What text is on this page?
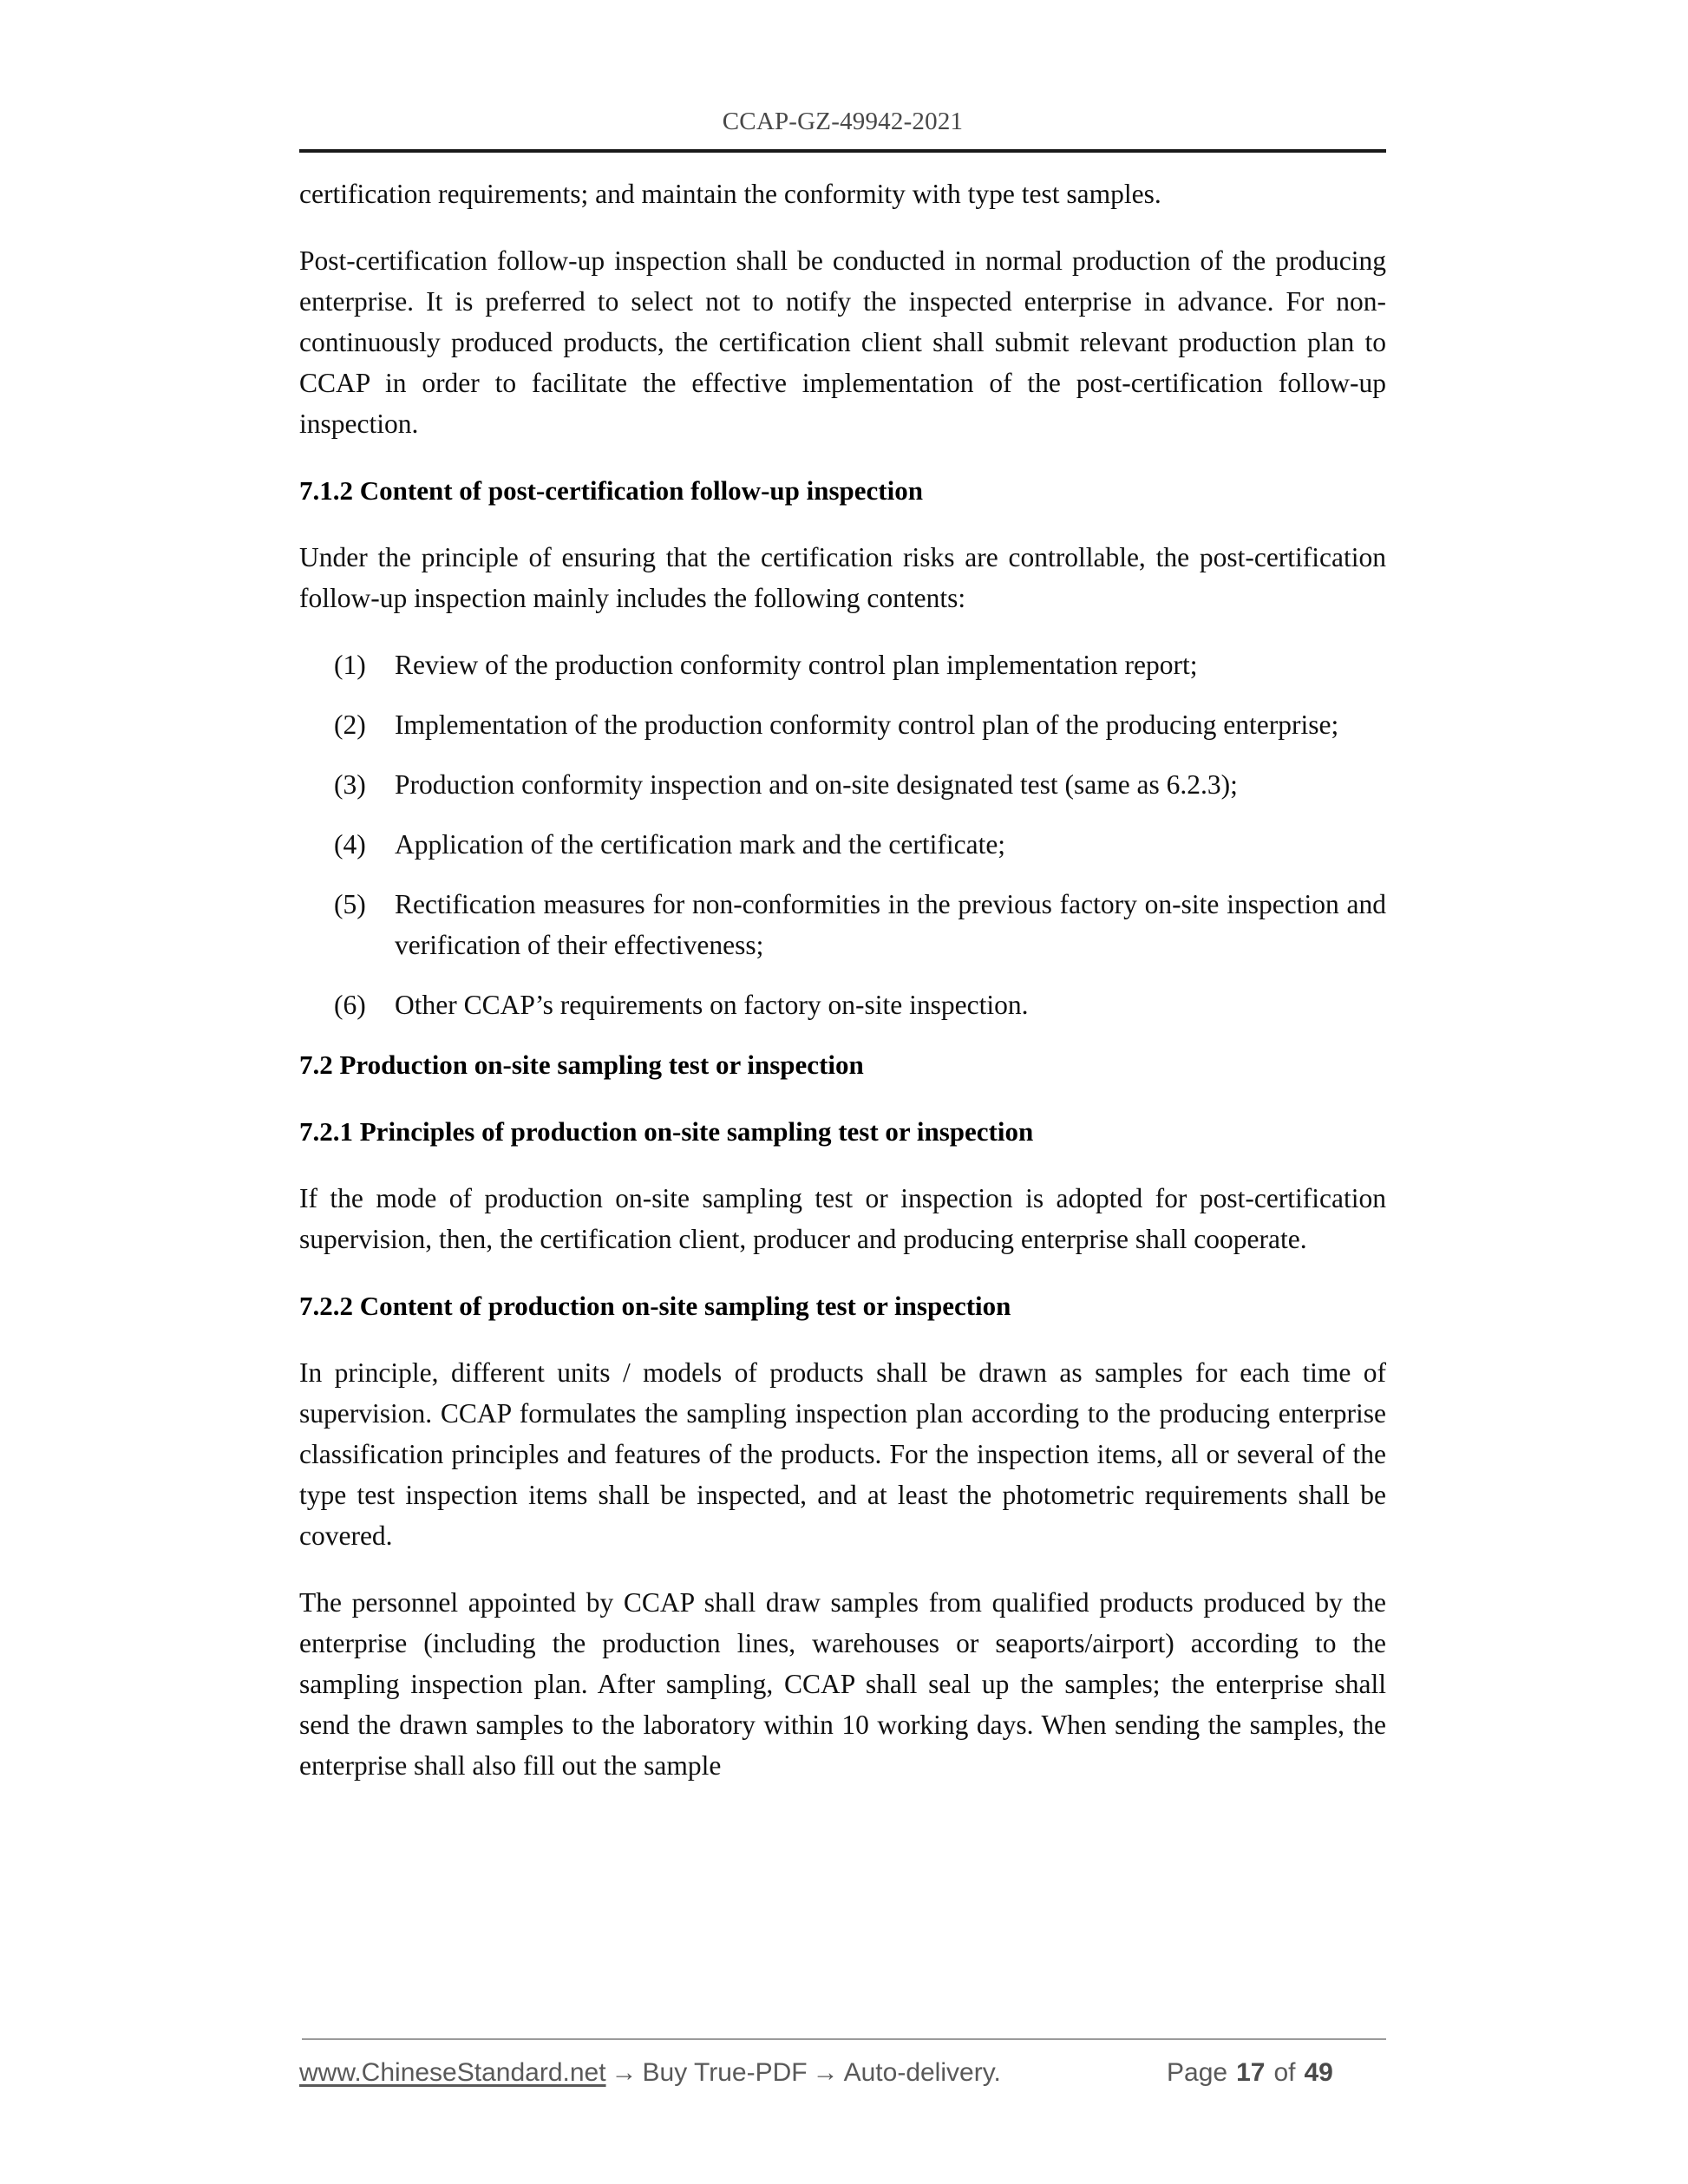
CCAP-GZ-49942-2021

certification requirements; and maintain the conformity with type test samples.

Post-certification follow-up inspection shall be conducted in normal production of the producing enterprise. It is preferred to select not to notify the inspected enterprise in advance. For non-continuously produced products, the certification client shall submit relevant production plan to CCAP in order to facilitate the effective implementation of the post-certification follow-up inspection.

7.1.2 Content of post-certification follow-up inspection

Under the principle of ensuring that the certification risks are controllable, the post-certification follow-up inspection mainly includes the following contents:

(1)	Review of the production conformity control plan implementation report;
(2)	Implementation of the production conformity control plan of the producing enterprise;
(3)	Production conformity inspection and on-site designated test (same as 6.2.3);
(4)	Application of the certification mark and the certificate;
(5)	Rectification measures for non-conformities in the previous factory on-site inspection and verification of their effectiveness;
(6)	Other CCAP’s requirements on factory on-site inspection.
7.2 Production on-site sampling test or inspection
7.2.1 Principles of production on-site sampling test or inspection

If the mode of production on-site sampling test or inspection is adopted for post-certification supervision, then, the certification client, producer and producing enterprise shall cooperate.

7.2.2 Content of production on-site sampling test or inspection

In principle, different units / models of products shall be drawn as samples for each time of supervision. CCAP formulates the sampling inspection plan according to the producing enterprise classification principles and features of the products. For the inspection items, all or several of the type test inspection items shall be inspected, and at least the photometric requirements shall be covered.

The personnel appointed by CCAP shall draw samples from qualified products produced by the enterprise (including the production lines, warehouses or seaports/airport) according to the sampling inspection plan. After sampling, CCAP shall seal up the samples; the enterprise shall send the drawn samples to the laboratory within 10 working days. When sending the samples, the enterprise shall also fill out the sample

www.ChineseStandard.net → Buy True-PDF → Auto-delivery.	Page 17 of 49
